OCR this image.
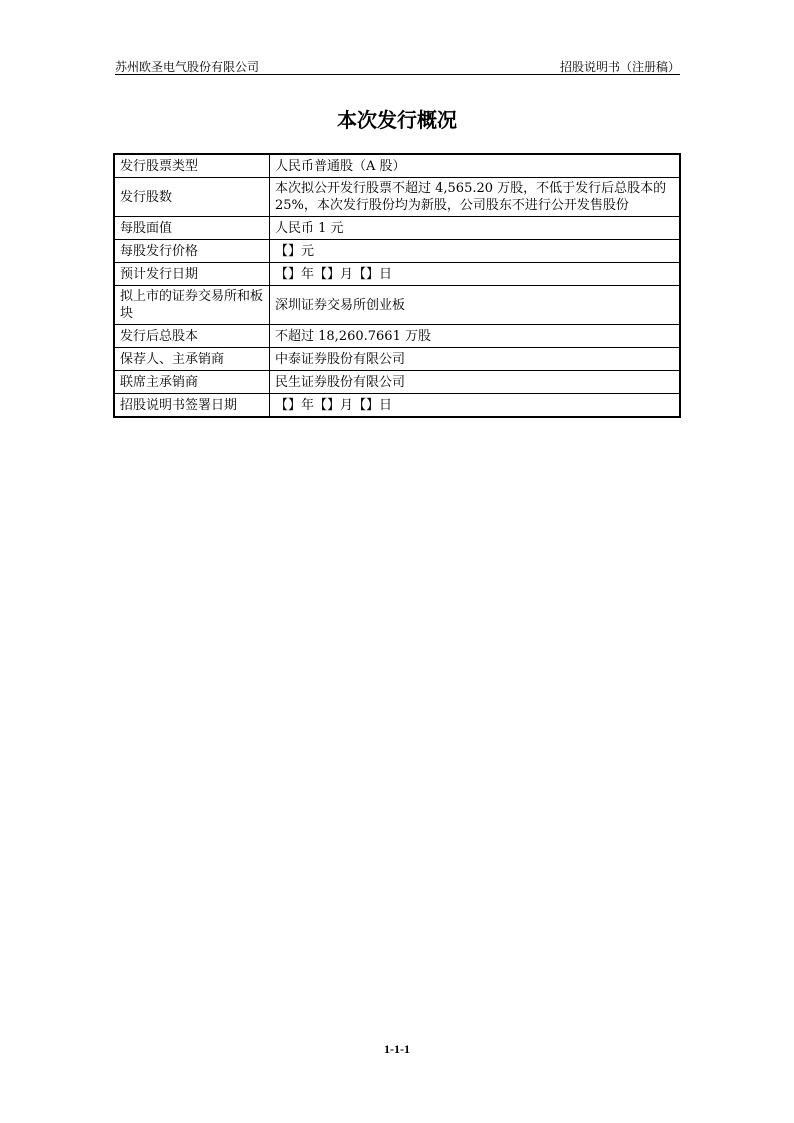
苏州欧圣电气股份有限公司	招股说明书（注册稿）
本次发行概况
发行股票类型	人民币普通股（A 股）
发行股数	本次拟公开发行股票不超过 4,565.20 万股，不低于发行后总股本的 25%，本次发行股份均为新股，公司股东不进行公开发售股份
每股面值	人民币 1 元
每股发行价格	【】元
预计发行日期	【】年【】月【】日
拟上市的证券交易所和板块	深圳证券交易所创业板
发行后总股本	不超过 18,260.7661 万股
保荐人、主承销商	中泰证券股份有限公司
联席主承销商	民生证券股份有限公司
招股说明书签署日期	【】年【】月【】日
1-1-1
